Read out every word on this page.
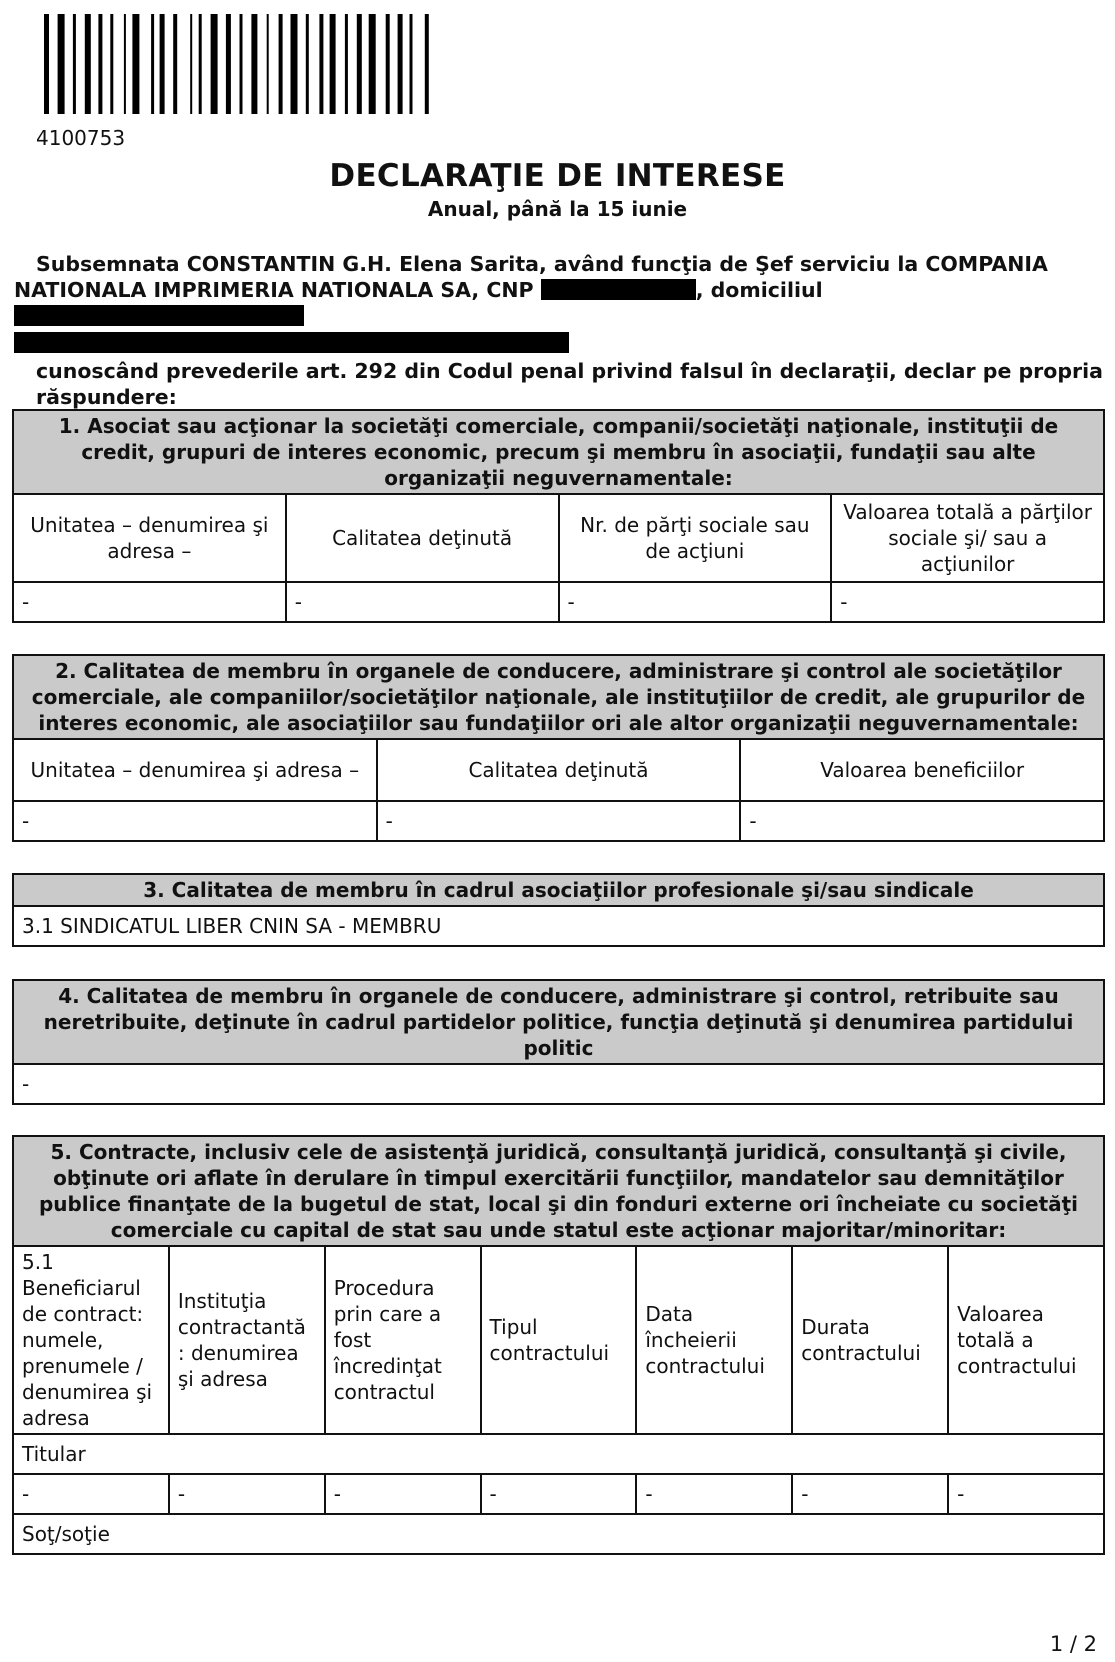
4100753
DECLARAŢIE DE INTERESE
Anual, până la 15 iunie

Subsemnata CONSTANTIN G.H. Elena Sarita, având funcţia de Şef serviciu la COMPANIA

NATIONALA IMPRIMERIA NATIONALA SA, CNP	, domiciliul

cunoscând prevederile art. 292 din Codul penal privind falsul în declaraţii, declar pe propria răspundere:

1. Asociat sau acţionar la societăţi comerciale, companii/societăţi naţionale, instituţii de credit, grupuri de interes economic, precum şi membru în asociaţii, fundaţii sau alte organizaţii neguvernamentale:			
Unitatea – denumirea şi adresa –	Calitatea deţinută	Nr. de părţi sociale sau de acţiuni	Valoarea totală a părţilor sociale şi/ sau a acţiunilor
-	-	-	-
2. Calitatea de membru în organele de conducere, administrare şi control ale societăţilor comerciale, ale companiilor/societăţilor naţionale, ale instituţiilor de credit, ale grupurilor de interes economic, ale asociaţiilor sau fundaţiilor ori ale altor organizaţii neguvernamentale:		
Unitatea – denumirea şi adresa –	Calitatea deţinută	Valoarea beneficiilor
-	-	-
3. Calitatea de membru în cadrul asociaţiilor profesionale şi/sau sindicale
3.1 SINDICATUL LIBER CNIN SA - MEMBRU
4. Calitatea de membru în organele de conducere, administrare şi control, retribuite sau neretribuite, deţinute în cadrul partidelor politice, funcţia deţinută şi denumirea partidului politic
-
5. Contracte, inclusiv cele de asistenţă juridică, consultanţă juridică, consultanţă şi civile, obţinute ori aflate în derulare în timpul exercitării funcţiilor, mandatelor sau demnităţilor publice finanţate de la bugetul de stat, local şi din fonduri externe ori încheiate cu societăţi comerciale cu capital de stat sau unde statul este acţionar majoritar/minoritar:						
5.1 Beneficiarul de contract: numele, prenumele / denumirea şi adresa	Instituţia contractantă : denumirea şi adresa	Procedura prin care a fost încredinţat contractul	Tipul contractului	Data încheierii contractului	Durata contractului	Valoarea totală a contractului
Titular						
-	-	-	-	-	-	-
Soţ/soţie						
1 / 2
